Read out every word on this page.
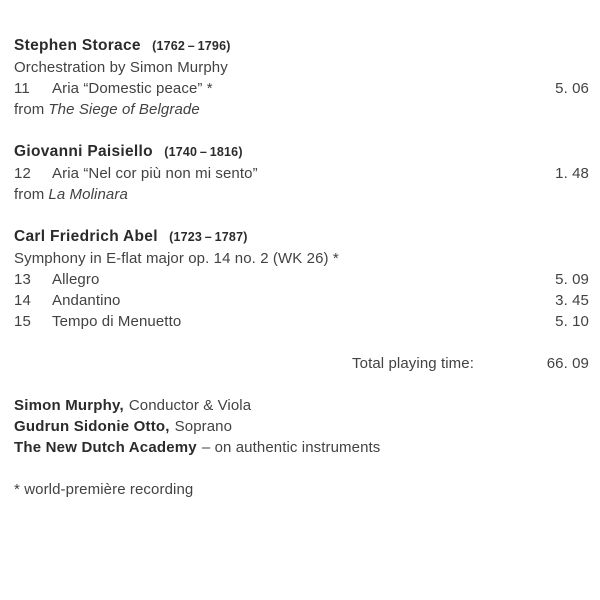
Stephen Storace (1762 – 1796)
Orchestration by Simon Murphy
11	Aria “Domestic peace” *	5. 06
from The Siege of Belgrade
Giovanni Paisiello (1740 – 1816)
12	Aria “Nel cor più non mi sento”	1. 48
from La Molinara
Carl Friedrich Abel (1723 – 1787)
Symphony in E-flat major op. 14 no. 2 (WK 26) *
13	Allegro	5. 09
14	Andantino	3. 45
15	Tempo di Menuetto	5. 10
Total playing time:	66. 09
Simon Murphy, Conductor & Viola
Gudrun Sidonie Otto, Soprano
The New Dutch Academy – on authentic instruments
* world-première recording
